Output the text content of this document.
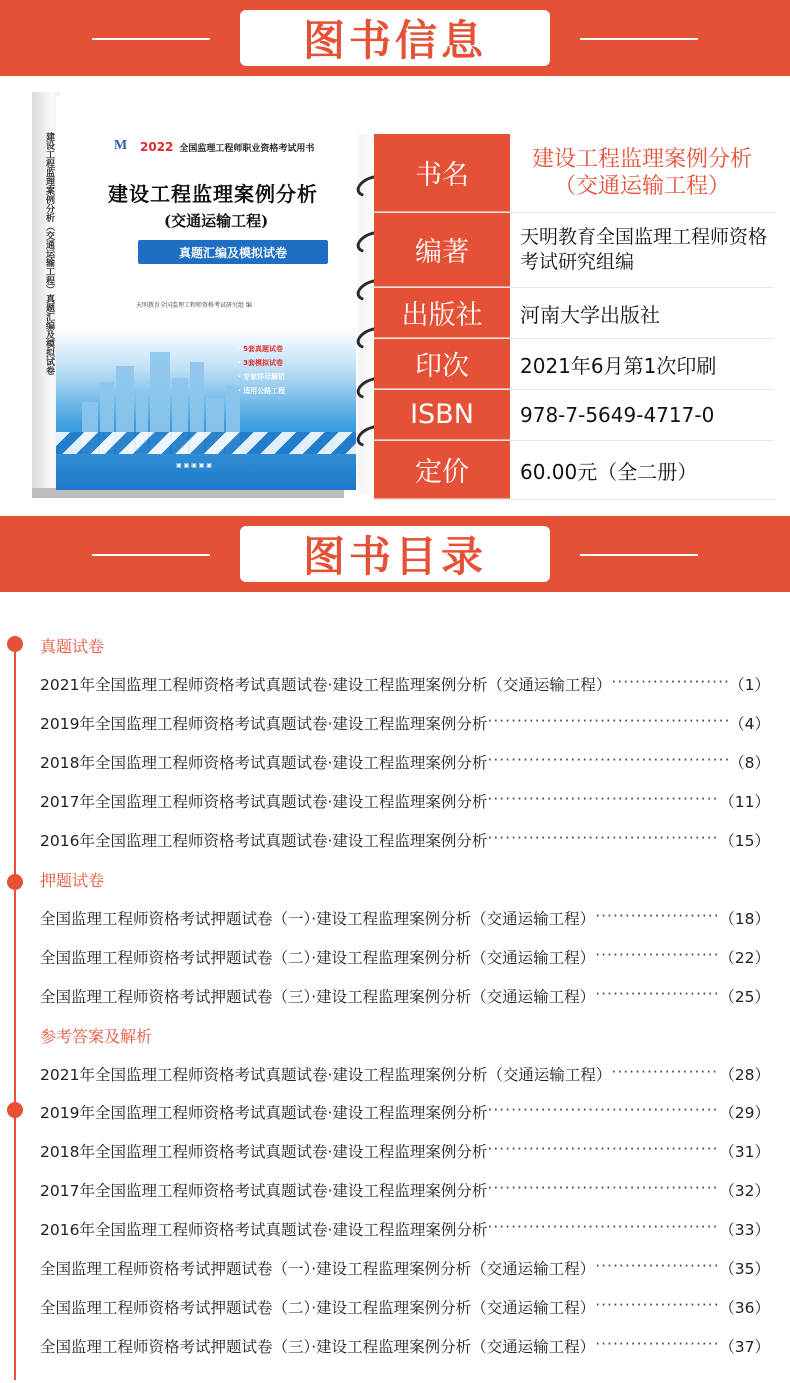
图书信息
建设工程监理案例分析（交通运输工程）真题汇编及模拟试卷	M	2022 全国监理工程师职业资格考试用书
建设工程监理案例分析
(交通运输工程)
真题汇编及模拟试卷
天明教育全国监理工程师资格考试研究组 编
· 5套真题试卷
· 3套模拟试卷
· 专家详尽解析
· 适用公路工程
▣ ▣ ▣ ▣ ▣
书名
建设工程监理案例分析
（交通运输工程）
编著	天明教育全国监理工程师资格
考试研究组编
出版社	河南大学出版社
印次	2021年6月第1次印刷
ISBN	978-7-5649-4717-0
定价	60.00元（全二册）
图书目录
真题试卷
2021年全国监理工程师资格考试真题试卷·建设工程监理案例分析（交通运输工程） ·····	（1）
2019年全国监理工程师资格考试真题试卷·建设工程监理案例分析 ·····	（4）
2018年全国监理工程师资格考试真题试卷·建设工程监理案例分析 ·····	（8）
2017年全国监理工程师资格考试真题试卷·建设工程监理案例分析 ·····	（11）
2016年全国监理工程师资格考试真题试卷·建设工程监理案例分析 ·····	（15）
押题试卷
全国监理工程师资格考试押题试卷（一）·建设工程监理案例分析（交通运输工程） ·····	（18）
全国监理工程师资格考试押题试卷（二）·建设工程监理案例分析（交通运输工程） ·····	（22）
全国监理工程师资格考试押题试卷（三）·建设工程监理案例分析（交通运输工程） ·····	（25）
参考答案及解析
2021年全国监理工程师资格考试真题试卷·建设工程监理案例分析（交通运输工程） ·····	（28）
2019年全国监理工程师资格考试真题试卷·建设工程监理案例分析 ·····	（29）
2018年全国监理工程师资格考试真题试卷·建设工程监理案例分析 ·····	（31）
2017年全国监理工程师资格考试真题试卷·建设工程监理案例分析 ·····	（32）
2016年全国监理工程师资格考试真题试卷·建设工程监理案例分析 ·····	（33）
全国监理工程师资格考试押题试卷（一）·建设工程监理案例分析（交通运输工程） ·····	（35）
全国监理工程师资格考试押题试卷（二）·建设工程监理案例分析（交通运输工程） ·····	（36）
全国监理工程师资格考试押题试卷（三）·建设工程监理案例分析（交通运输工程） ·····	（37）
